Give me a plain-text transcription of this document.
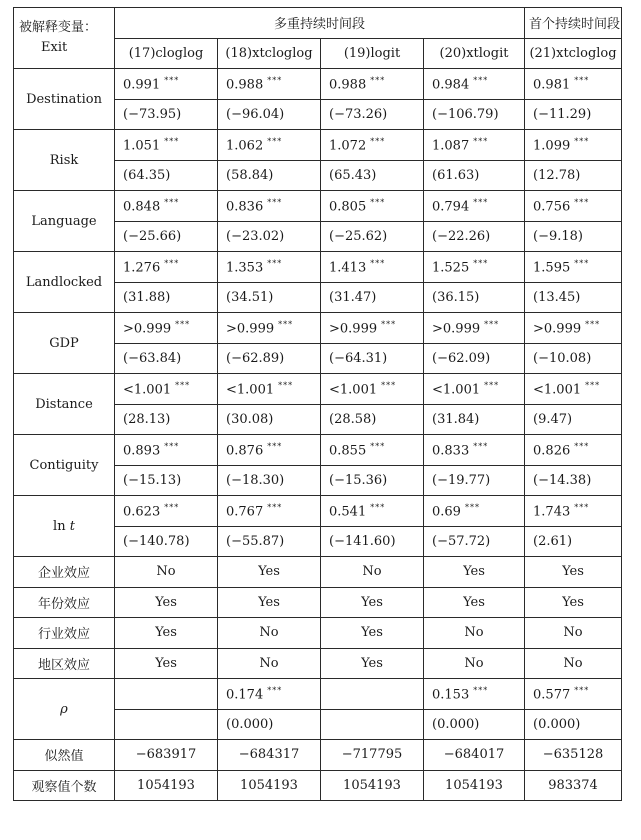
被解释变量：
Exit	多重持续时间段				首个持续时间段
	(17)cloglog	(18)xtcloglog	(19)logit	(20)xtlogit	(21)xtcloglog
Destination	0.991 ***	0.988 ***	0.988 ***	0.984 ***	0.981 ***
	(−73.95)	(−96.04)	(−73.26)	(−106.79)	(−11.29)
Risk	1.051 ***	1.062 ***	1.072 ***	1.087 ***	1.099 ***
	(64.35)	(58.84)	(65.43)	(61.63)	(12.78)
Language	0.848 ***	0.836 ***	0.805 ***	0.794 ***	0.756 ***
	(−25.66)	(−23.02)	(−25.62)	(−22.26)	(−9.18)
Landlocked	1.276 ***	1.353 ***	1.413 ***	1.525 ***	1.595 ***
	(31.88)	(34.51)	(31.47)	(36.15)	(13.45)
GDP	>0.999 ***	>0.999 ***	>0.999 ***	>0.999 ***	>0.999 ***
	(−63.84)	(−62.89)	(−64.31)	(−62.09)	(−10.08)
Distance	<1.001 ***	<1.001 ***	<1.001 ***	<1.001 ***	<1.001 ***
	(28.13)	(30.08)	(28.58)	(31.84)	(9.47)
Contiguity	0.893 ***	0.876 ***	0.855 ***	0.833 ***	0.826 ***
	(−15.13)	(−18.30)	(−15.36)	(−19.77)	(−14.38)
ln t	0.623 ***	0.767 ***	0.541 ***	0.69 ***	1.743 ***
	(−140.78)	(−55.87)	(−141.60)	(−57.72)	(2.61)
企业效应	No	Yes	No	Yes	Yes
年份效应	Yes	Yes	Yes	Yes	Yes
行业效应	Yes	No	Yes	No	No
地区效应	Yes	No	Yes	No	No
ρ		0.174 ***		0.153 ***	0.577 ***
		(0.000)		(0.000)	(0.000)
似然值	−683917	−684317	−717795	−684017	−635128
观察值个数	1054193	1054193	1054193	1054193	983374
